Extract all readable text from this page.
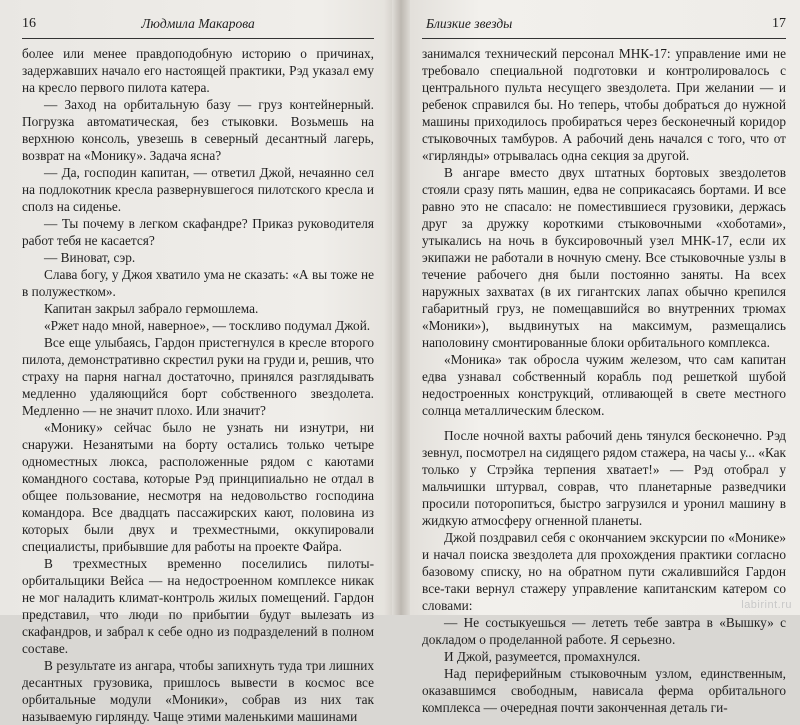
16	Людмила Макарова

более или менее правдоподобную историю о причинах, задержавших начало его настоящей практики, Рэд указал ему на кресло первого пилота катера.

— Заход на орбитальную базу — груз контейнерный. Погрузка автоматическая, без стыковки. Возьмешь на верхнюю консоль, увезешь в северный десантный лагерь, возврат на «Монику». Задача ясна?

— Да, господин капитан, — ответил Джой, нечаянно сел на подлокотник кресла развернувшегося пилотского кресла и сполз на сиденье.

— Ты почему в легком скафандре? Приказ руководителя работ тебя не касается?

— Виноват, сэр.

Слава богу, у Джоя хватило ума не сказать: «А вы тоже не в полужестком».

Капитан закрыл забрало гермошлема.

«Ржет надо мной, наверное», — тоскливо подумал Джой.

Все еще улыбаясь, Гардон пристегнулся в кресле второго пилота, демонстративно скрестил руки на груди и, решив, что страху на парня нагнал достаточно, принялся разглядывать медленно удаляющийся борт собственного звездолета. Медленно — не значит плохо. Или значит?

«Монику» сейчас было не узнать ни изнутри, ни снаружи. Незанятыми на борту остались только четыре одноместных люкса, расположенные рядом с каютами командного состава, которые Рэд принципиально не отдал в общее пользование, несмотря на недовольство господина командора. Все двадцать пассажирских кают, половина из которых были двух и трехместными, оккупировали специалисты, прибывшие для работы на проекте Файра.

В трехместных временно поселились пилоты-орбитальщики Вейса — на недостроенном комплексе никак не мог наладить климат-контроль жилых помещений. Гардон представил, что люди по прибытии будут вылезать из скафандров, и забрал к себе одно из подразделений в полном составе.

В результате из ангара, чтобы запихнуть туда три лишних десантных грузовика, пришлось вывести в космос все орбитальные модули «Моники», собрав из них так называемую гирлянду. Чаще этими маленькими машинами

Близкие звезды	17

занимался технический персонал МНК-17: управление ими не требовало специальной подготовки и контролировалось с центрального пульта несущего звездолета. При желании — и ребенок справился бы. Но теперь, чтобы добраться до нужной машины приходилось пробираться через бесконечный коридор стыковочных тамбуров. А рабочий день начался с того, что от «гирлянды» отрывалась одна секция за другой.

В ангаре вместо двух штатных бортовых звездолетов стояли сразу пять машин, едва не соприкасаясь бортами. И все равно это не спасало: не поместившиеся грузовики, держась друг за дружку короткими стыковочными «хоботами», утыкались на ночь в буксировочный узел МНК-17, если их экипажи не работали в ночную смену. Все стыковочные узлы в течение рабочего дня были постоянно заняты. На всех наружных захватах (в их гигантских лапах обычно крепился габаритный груз, не помещавшийся во внутренних трюмах «Моники»), выдвинутых на максимум, размещались наполовину смонтированные блоки орбитального комплекса.

«Моника» так обросла чужим железом, что сам капитан едва узнавал собственный корабль под решеткой шубой недостроенных конструкций, отливающей в свете местного солнца металлическим блеском.

После ночной вахты рабочий день тянулся бесконечно. Рэд зевнул, посмотрел на сидящего рядом стажера, на часы у... «Как только у Стрэйка терпения хватает!» — Рэд отобрал у мальчишки штурвал, соврав, что планетарные разведчики просили поторопиться, быстро загрузился и уронил машину в жидкую атмосферу огненной планеты.

Джой поздравил себя с окончанием экскурсии по «Монике» и начал поиска звездолета для прохождения практики согласно базовому списку, но на обратном пути сжалившийся Гардон все-таки вернул стажеру управление капитанским катером со словами:

— Не состыкуешься — лететь тебе завтра в «Вышку» с докладом о проделанной работе. Я серьезно.

И Джой, разумеется, промахнулся.

Над периферийным стыковочным узлом, единственным, оказавшимся свободным, нависала ферма орбитального комплекса — очередная почти законченная деталь ги-

labirint.ru
